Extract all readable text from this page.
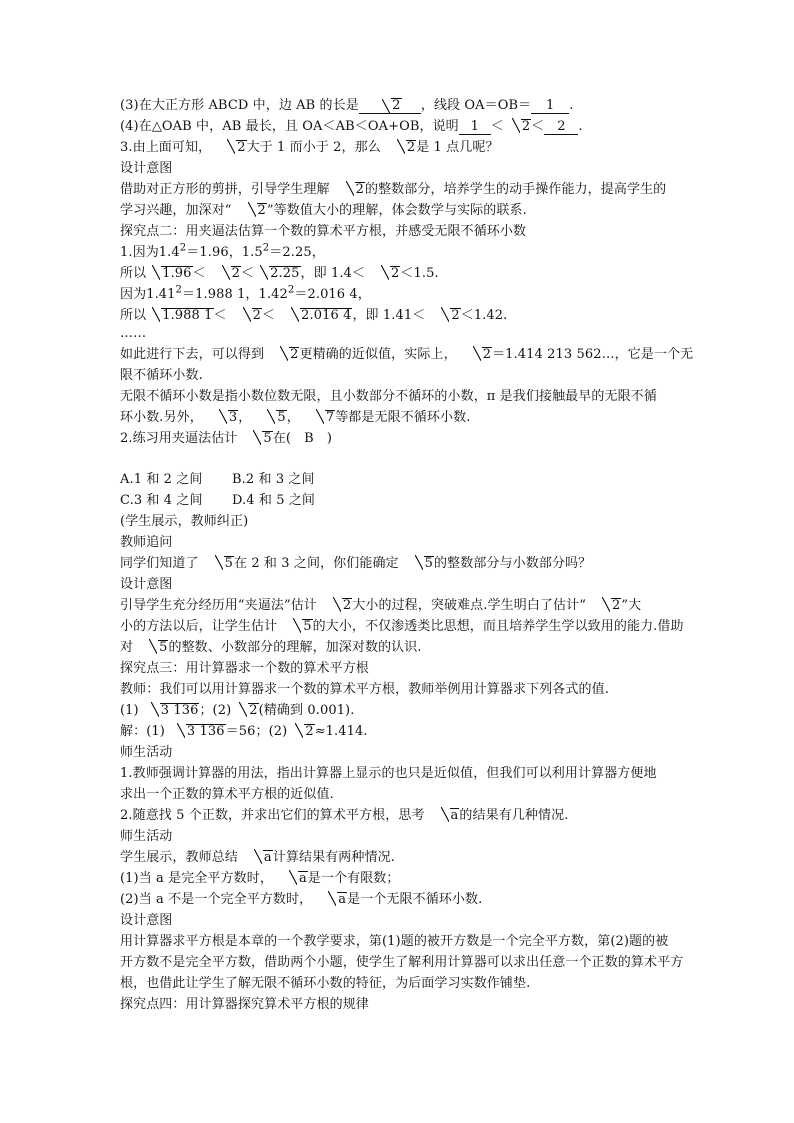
(3)在大正方形 ABCD 中，边 AB 的长是	2 ，线段 OA＝OB＝ 1 .
(4)在△OAB 中，AB 最长，且 OA＜AB＜OA+OB，说明 1 ＜ 2＜ 2 .
3.由上面可知， 2大于 1 而小于 2，那么 2是 1 点几呢？
设计意图
借助对正方形的剪拼，引导学生理解 2的整数部分，培养学生的动手操作能力，提高学生的
学习兴趣，加深对“ 2”等数值大小的理解，体会数学与实际的联系.
探究点二：用夹逼法估算一个数的算术平方根，并感受无限不循环小数
1.因为$1.4^2=1.96$，$1.5^2=2.25$，
所以 1.96＜ 2＜ 2.25，即 1.4＜ 2＜1.5.
因为$1.41^2=1.988$ 1，$1.42^2=2.016$ 4，
所以 1.988 1＜ 2＜ 2.016 4，即 1.41＜ 2＜1.42.
……
如此进行下去，可以得到 2更精确的近似值，实际上， 2＝1.414 213 562…，它是一个无
限不循环小数.
无限不循环小数是指小数位数无限，且小数部分不循环的小数，π 是我们接触最早的无限不循
环小数.另外， 3， 5， 7等都是无限不循环小数.
2.练习用夹逼法估计 5在(　B　)
A.1 和 2 之间 B.2 和 3 之间
C.3 和 4 之间 D.4 和 5 之间
(学生展示，教师纠正)
教师追问
同学们知道了 5在 2 和 3 之间，你们能确定 5的整数部分与小数部分吗？
设计意图
引导学生充分经历用“夹逼法”估计 2大小的过程，突破难点.学生明白了估计“ 2”大
小的方法以后，让学生估计 5的大小，不仅渗透类比思想，而且培养学生学以致用的能力.借助
对 5的整数、小数部分的理解，加深对数的认识.
探究点三：用计算器求一个数的算术平方根
教师：我们可以用计算器求一个数的算术平方根，教师举例用计算器求下列各式的值.
(1) 3 136；(2) 2(精确到 0.001).
解：(1) 3 136＝56；(2) 2≈1.414.
师生活动
1.教师强调计算器的用法，指出计算器上显示的也只是近似值，但我们可以利用计算器方便地
求出一个正数的算术平方根的近似值.
2.随意找 5 个正数，并求出它们的算术平方根，思考 a的结果有几种情况.
师生活动
学生展示，教师总结 a计算结果有两种情况.
(1)当 a 是完全平方数时， a是一个有限数；
(2)当 a 不是一个完全平方数时， a是一个无限不循环小数.
设计意图
用计算器求平方根是本章的一个教学要求，第(1)题的被开方数是一个完全平方数，第(2)题的被
开方数不是完全平方数，借助两个小题，使学生了解利用计算器可以求出任意一个正数的算术平方
根，也借此让学生了解无限不循环小数的特征，为后面学习实数作铺垫.
探究点四：用计算器探究算术平方根的规律
